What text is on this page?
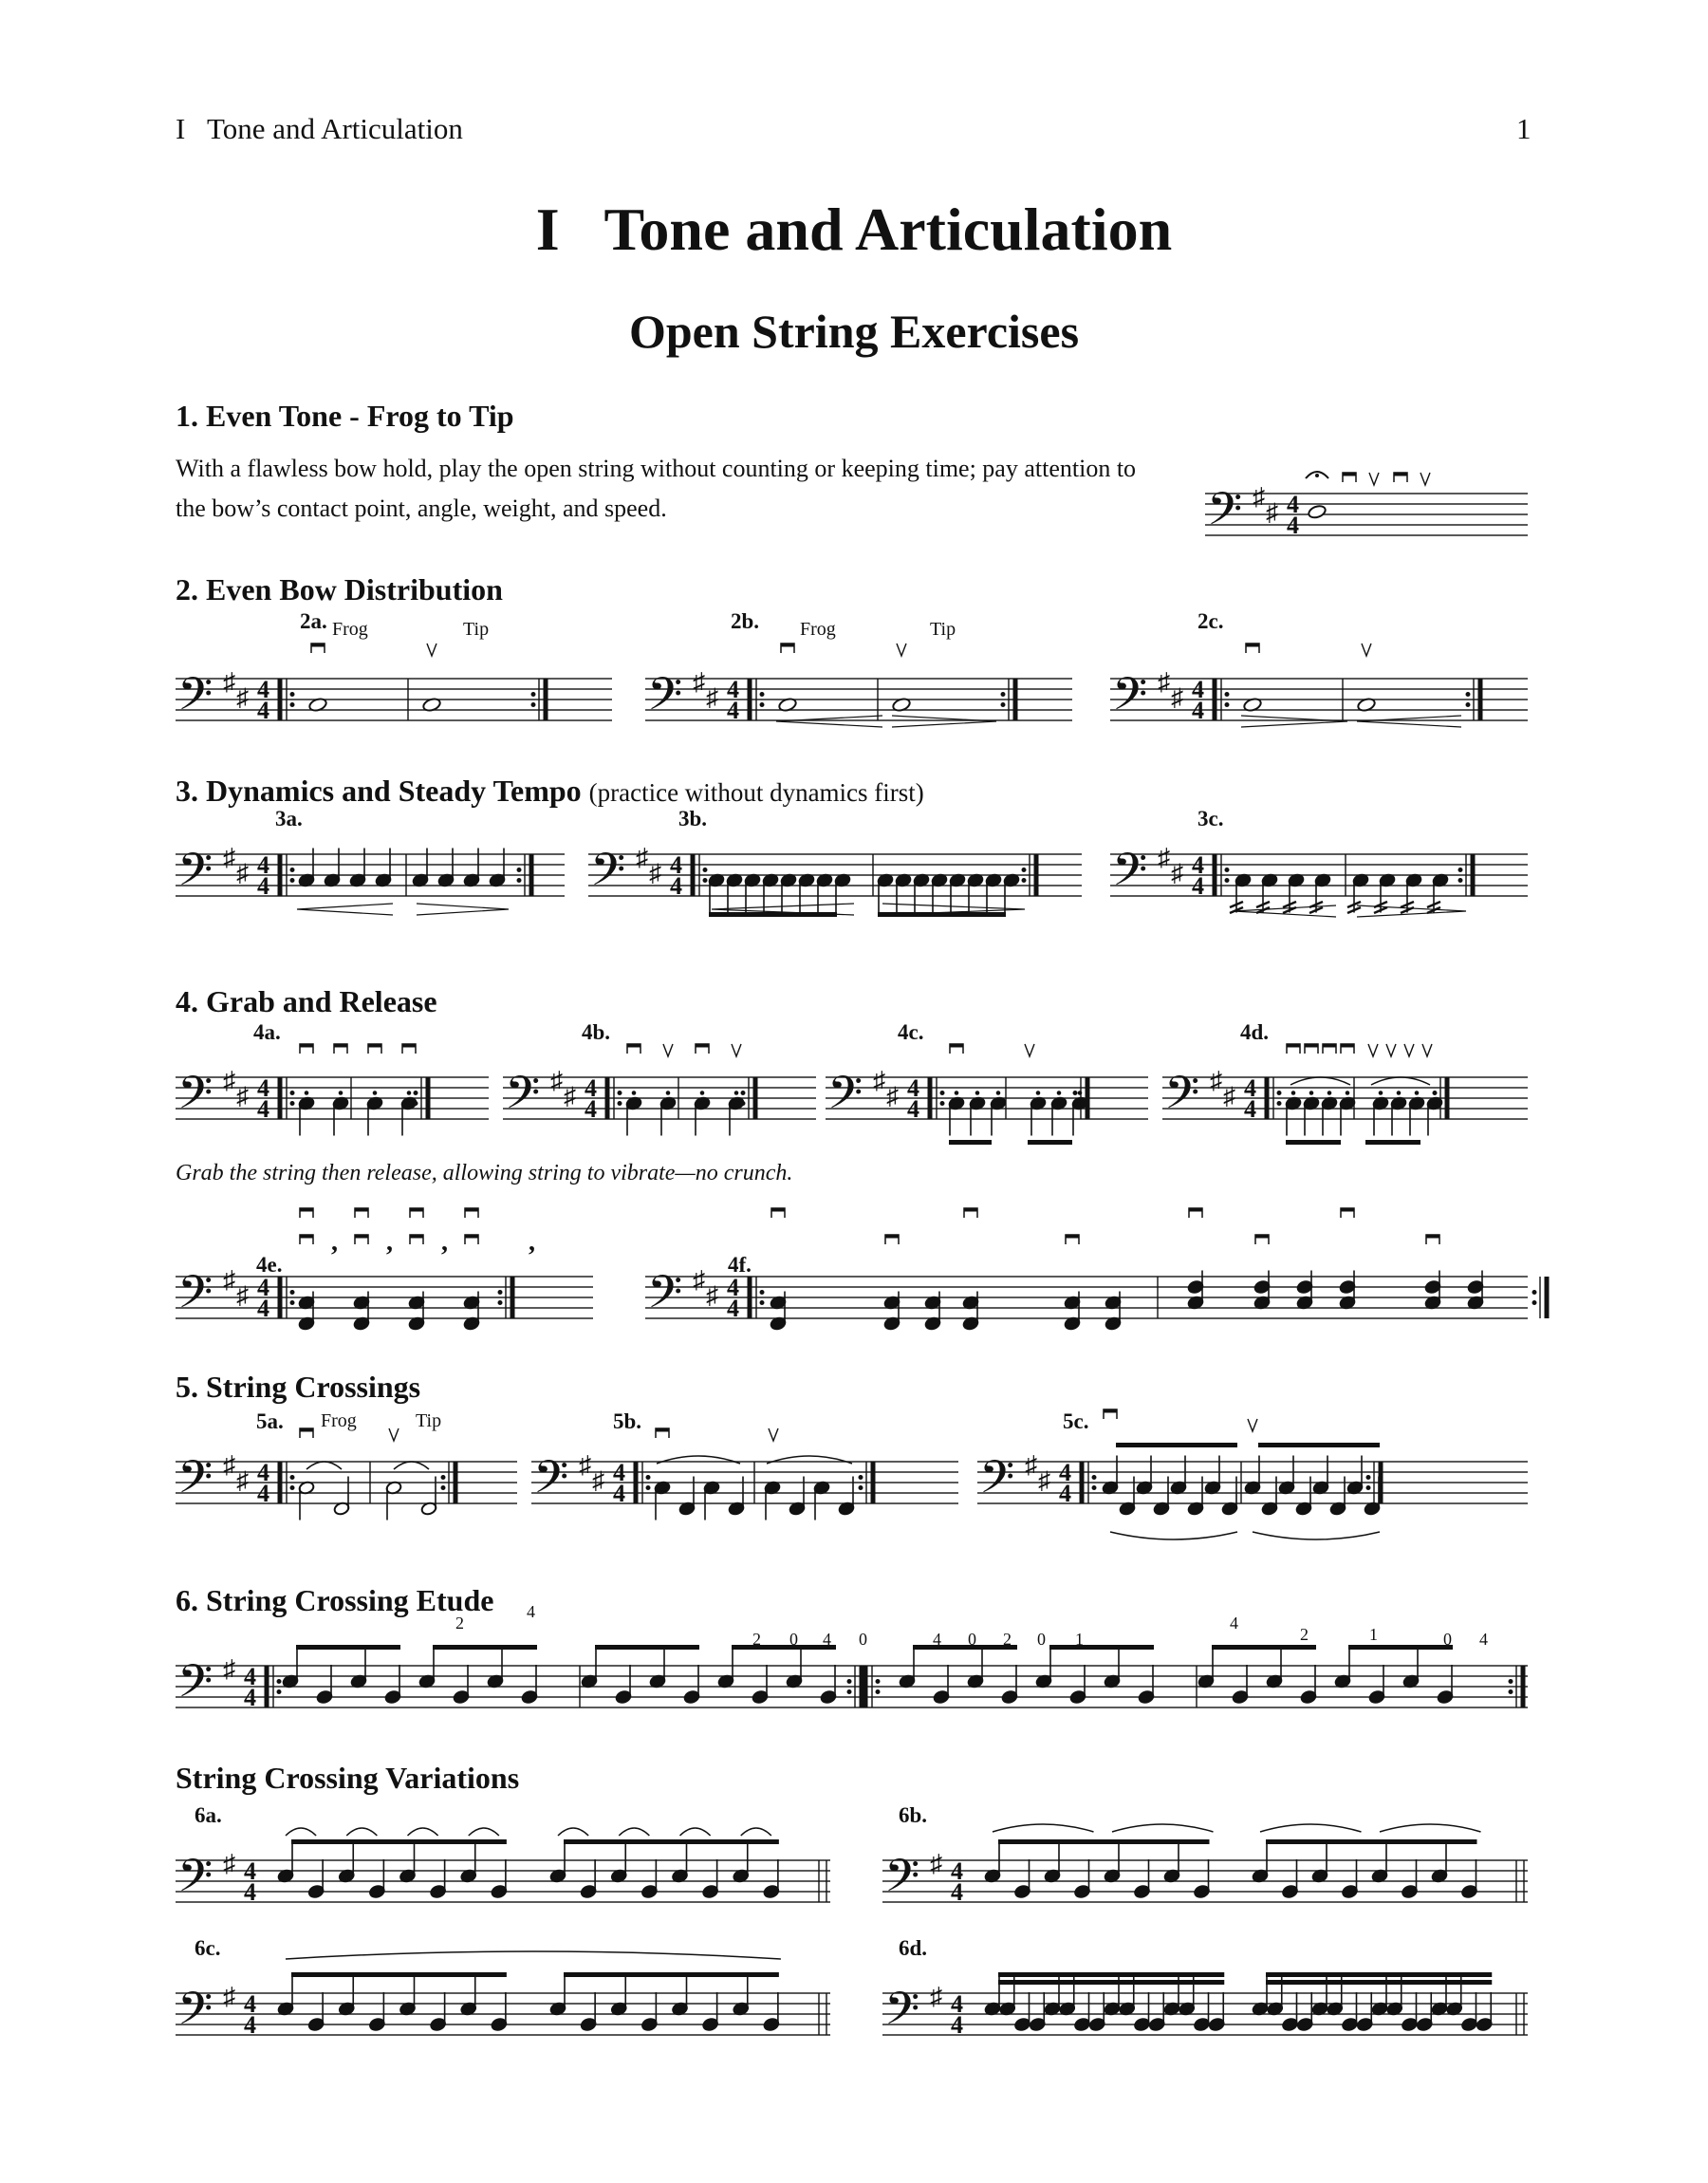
I   Tone and Articulation	1
I   Tone and Articulation
Open String Exercises
1. Even Tone - Frog to Tip
With a flawless bow hold, play the open string without counting or keeping time; pay attention to the bow’s contact point, angle, weight, and speed.
2. Even Bow Distribution
3. Dynamics and Steady Tempo (practice without dynamics first)
4. Grab and Release
Grab the string then release, allowing string to vibrate—no crunch.
5. String Crossings
6. String Crossing Etude
String Crossing Variations
2a.	2b.	2c.
3a.	3b.	3c.
4a.	4b.	4c.	4d.
4e.	4f.
5a.	5b.	5c.
6a.	6b.
6c.	6d.
𝄢 ♯
♯ 4
4
𝄢 ♯
♯ 4
4	𝄢 ♯
♯ 4
4	𝄢 ♯
♯ 4
4
𝄢 ♯
♯ 4
4	𝄢 ♯
♯ 4
4	𝄢 ♯
♯ 4
4
𝄢 ♯
♯ 4
4	𝄢 ♯
♯ 4
4	𝄢 ♯
♯ 4
4	𝄢 ♯
♯ 4
4
𝄢 ♯
♯ 4
4
, , ,	,
𝄢 ♯
♯ 4
4
𝄢 ♯
♯ 4
4	𝄢 ♯
♯ 4
4	𝄢 ♯
♯ 4
4
𝄢 ♯ 4
4
𝄢 ♯ 4
4	𝄢 ♯ 4
4
𝄢 ♯ 4
4	𝄢 ♯ 4
4
Frog	Tip	Frog	Tip
Frog	Tip
2
4
2 0 4 0	4 0 2 0 1
4
2	1	0 4
